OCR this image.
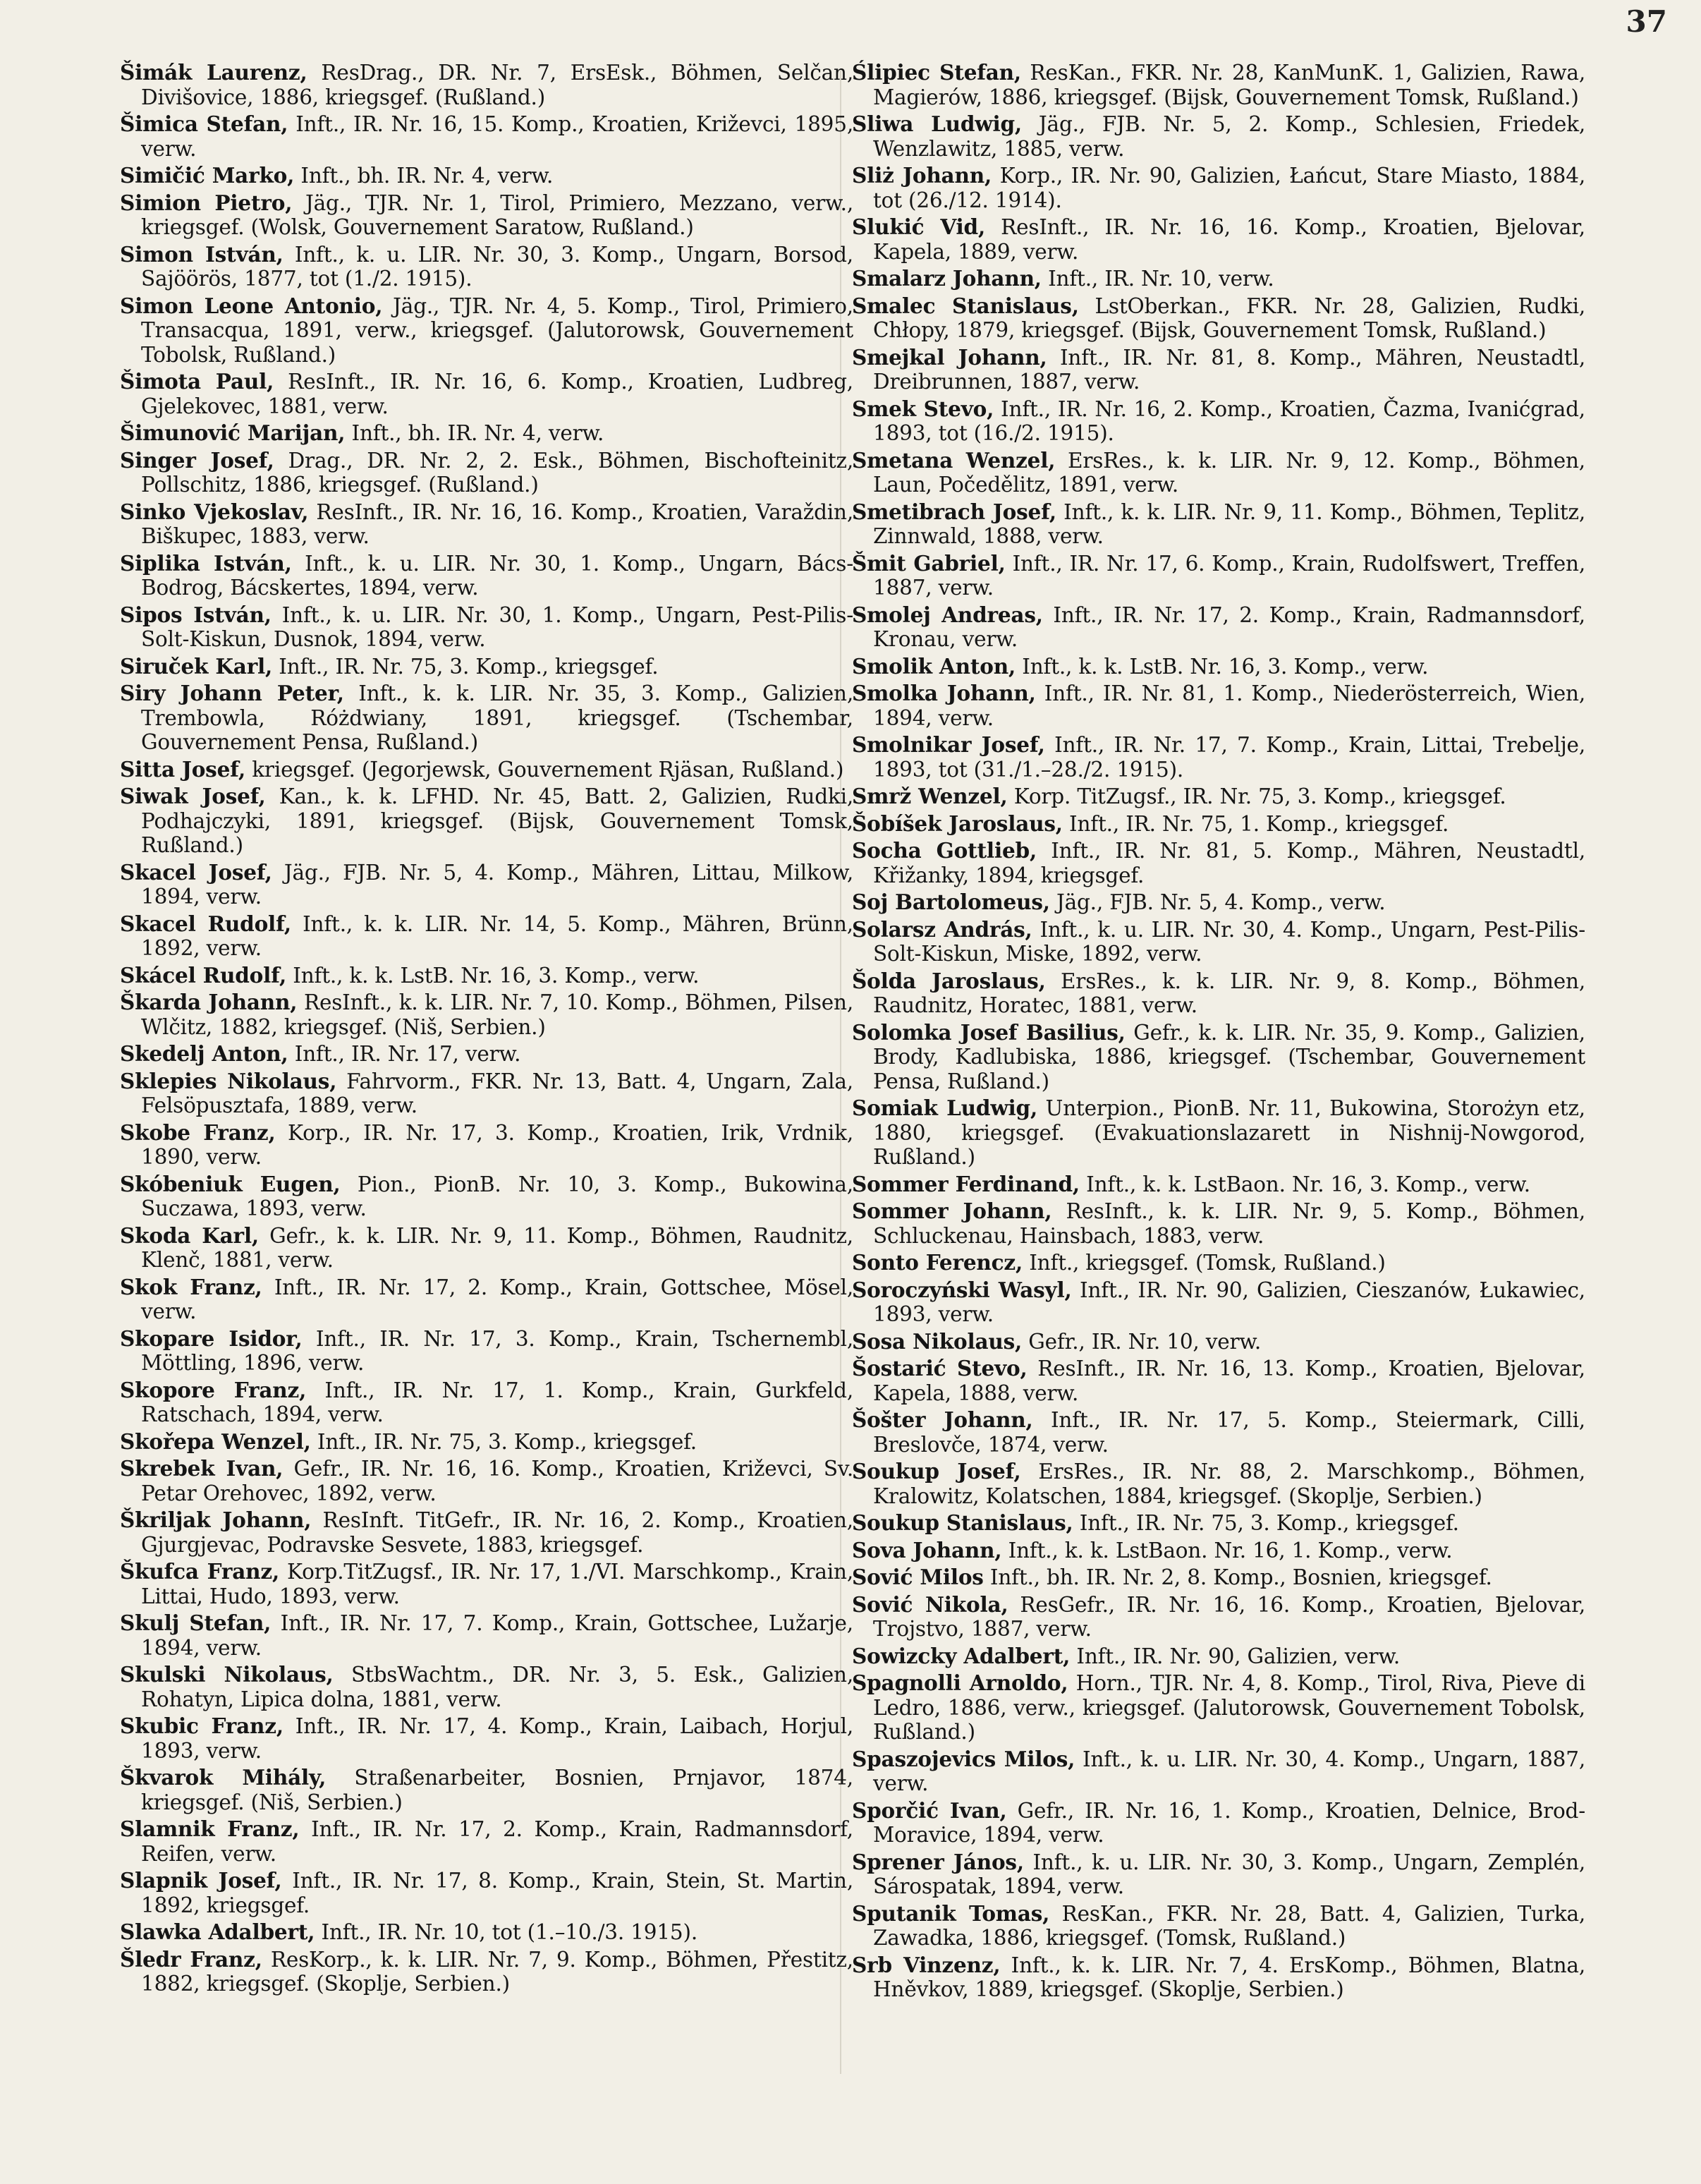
37

Šimák Laurenz, ResDrag., DR. Nr. 7, ErsEsk., Böhmen, Selčan, Divišovice, 1886, kriegsgef. (Rußland.)

Šimica Stefan, Inft., IR. Nr. 16, 15. Komp., Kroatien, Križevci, 1895, verw.

Simičić Marko, Inft., bh. IR. Nr. 4, verw.

Simion Pietro, Jäg., TJR. Nr. 1, Tirol, Primiero, Mezzano, verw., kriegsgef. (Wolsk, Gouvernement Saratow, Rußland.)

Simon István, Inft., k. u. LIR. Nr. 30, 3. Komp., Ungarn, Borsod, Sajöörös, 1877, tot (1./2. 1915).

Simon Leone Antonio, Jäg., TJR. Nr. 4, 5. Komp., Tirol, Primiero, Transacqua, 1891, verw., kriegsgef. (Jalutorowsk, Gouvernement Tobolsk, Rußland.)

Šimota Paul, ResInft., IR. Nr. 16, 6. Komp., Kroatien, Ludbreg, Gjelekovec, 1881, verw.

Šimunović Marijan, Inft., bh. IR. Nr. 4, verw.

Singer Josef, Drag., DR. Nr. 2, 2. Esk., Böhmen, Bischofteinitz, Pollschitz, 1886, kriegsgef. (Rußland.)

Sinko Vjekoslav, ResInft., IR. Nr. 16, 16. Komp., Kroatien, Varaždin, Biškupec, 1883, verw.

Siplika István, Inft., k. u. LIR. Nr. 30, 1. Komp., Ungarn, Bács-Bodrog, Bácskertes, 1894, verw.

Sipos István, Inft., k. u. LIR. Nr. 30, 1. Komp., Ungarn, Pest-Pilis-Solt-Kiskun, Dusnok, 1894, verw.

Siruček Karl, Inft., IR. Nr. 75, 3. Komp., kriegsgef.

Siry Johann Peter, Inft., k. k. LIR. Nr. 35, 3. Komp., Galizien, Trembowla, Różdwiany, 1891, kriegsgef. (Tschembar, Gouvernement Pensa, Rußland.)

Sitta Josef, kriegsgef. (Jegorjewsk, Gouvernement Rjäsan, Rußland.)

Siwak Josef, Kan., k. k. LFHD. Nr. 45, Batt. 2, Galizien, Rudki, Podhajczyki, 1891, kriegsgef. (Bijsk, Gouvernement Tomsk, Rußland.)

Skacel Josef, Jäg., FJB. Nr. 5, 4. Komp., Mähren, Littau, Milkow, 1894, verw.

Skacel Rudolf, Inft., k. k. LIR. Nr. 14, 5. Komp., Mähren, Brünn, 1892, verw.

Skácel Rudolf, Inft., k. k. LstB. Nr. 16, 3. Komp., verw.

Škarda Johann, ResInft., k. k. LIR. Nr. 7, 10. Komp., Böhmen, Pilsen, Wlčitz, 1882, kriegsgef. (Niš, Serbien.)

Skedelj Anton, Inft., IR. Nr. 17, verw.

Sklepies Nikolaus, Fahrvorm., FKR. Nr. 13, Batt. 4, Ungarn, Zala, Felsöpusztafa, 1889, verw.

Skobe Franz, Korp., IR. Nr. 17, 3. Komp., Kroatien, Irik, Vrdnik, 1890, verw.

Skóbeniuk Eugen, Pion., PionB. Nr. 10, 3. Komp., Bukowina, Suczawa, 1893, verw.

Skoda Karl, Gefr., k. k. LIR. Nr. 9, 11. Komp., Böhmen, Raudnitz, Klenč, 1881, verw.

Skok Franz, Inft., IR. Nr. 17, 2. Komp., Krain, Gottschee, Mösel, verw.

Skopare Isidor, Inft., IR. Nr. 17, 3. Komp., Krain, Tschernembl, Möttling, 1896, verw.

Skopore Franz, Inft., IR. Nr. 17, 1. Komp., Krain, Gurkfeld, Ratschach, 1894, verw.

Skořepa Wenzel, Inft., IR. Nr. 75, 3. Komp., kriegsgef.

Skrebek Ivan, Gefr., IR. Nr. 16, 16. Komp., Kroatien, Križevci, Sv. Petar Orehovec, 1892, verw.

Škriljak Johann, ResInft. TitGefr., IR. Nr. 16, 2. Komp., Kroatien, Gjurgjevac, Podravske Sesvete, 1883, kriegsgef.

Škufca Franz, Korp.TitZugsf., IR. Nr. 17, 1./VI. Marschkomp., Krain, Littai, Hudo, 1893, verw.

Skulj Stefan, Inft., IR. Nr. 17, 7. Komp., Krain, Gottschee, Lužarje, 1894, verw.

Skulski Nikolaus, StbsWachtm., DR. Nr. 3, 5. Esk., Galizien, Rohatyn, Lipica dolna, 1881, verw.

Skubic Franz, Inft., IR. Nr. 17, 4. Komp., Krain, Laibach, Horjul, 1893, verw.

Škvarok Mihály, Straßenarbeiter, Bosnien, Prnjavor, 1874, kriegsgef. (Niš, Serbien.)

Slamnik Franz, Inft., IR. Nr. 17, 2. Komp., Krain, Radmannsdorf, Reifen, verw.

Slapnik Josef, Inft., IR. Nr. 17, 8. Komp., Krain, Stein, St. Martin, 1892, kriegsgef.

Slawka Adalbert, Inft., IR. Nr. 10, tot (1.–10./3. 1915).

Šledr Franz, ResKorp., k. k. LIR. Nr. 7, 9. Komp., Böhmen, Přestitz, 1882, kriegsgef. (Skoplje, Serbien.)

Ślipiec Stefan, ResKan., FKR. Nr. 28, KanMunK. 1, Galizien, Rawa, Magierów, 1886, kriegsgef. (Bijsk, Gouvernement Tomsk, Rußland.)

Sliwa Ludwig, Jäg., FJB. Nr. 5, 2. Komp., Schlesien, Friedek, Wenzlawitz, 1885, verw.

Sliż Johann, Korp., IR. Nr. 90, Galizien, Łańcut, Stare Miasto, 1884, tot (26./12. 1914).

Slukić Vid, ResInft., IR. Nr. 16, 16. Komp., Kroatien, Bjelovar, Kapela, 1889, verw.

Smalarz Johann, Inft., IR. Nr. 10, verw.

Smalec Stanislaus, LstOberkan., FKR. Nr. 28, Galizien, Rudki, Chłopy, 1879, kriegsgef. (Bijsk, Gouvernement Tomsk, Rußland.)

Smejkal Johann, Inft., IR. Nr. 81, 8. Komp., Mähren, Neustadtl, Dreibrunnen, 1887, verw.

Smek Stevo, Inft., IR. Nr. 16, 2. Komp., Kroatien, Čazma, Ivanićgrad, 1893, tot (16./2. 1915).

Smetana Wenzel, ErsRes., k. k. LIR. Nr. 9, 12. Komp., Böhmen, Laun, Počedělitz, 1891, verw.

Smetibrach Josef, Inft., k. k. LIR. Nr. 9, 11. Komp., Böhmen, Teplitz, Zinnwald, 1888, verw.

Šmit Gabriel, Inft., IR. Nr. 17, 6. Komp., Krain, Rudolfswert, Treffen, 1887, verw.

Smolej Andreas, Inft., IR. Nr. 17, 2. Komp., Krain, Radmannsdorf, Kronau, verw.

Smolik Anton, Inft., k. k. LstB. Nr. 16, 3. Komp., verw.

Smolka Johann, Inft., IR. Nr. 81, 1. Komp., Niederösterreich, Wien, 1894, verw.

Smolnikar Josef, Inft., IR. Nr. 17, 7. Komp., Krain, Littai, Trebelje, 1893, tot (31./1.–28./2. 1915).

Smrž Wenzel, Korp. TitZugsf., IR. Nr. 75, 3. Komp., kriegsgef.

Šobíšek Jaroslaus, Inft., IR. Nr. 75, 1. Komp., kriegsgef.

Socha Gottlieb, Inft., IR. Nr. 81, 5. Komp., Mähren, Neustadtl, Křižanky, 1894, kriegsgef.

Soj Bartolomeus, Jäg., FJB. Nr. 5, 4. Komp., verw.

Solarsz András, Inft., k. u. LIR. Nr. 30, 4. Komp., Ungarn, Pest-Pilis-Solt-Kiskun, Miske, 1892, verw.

Šolda Jaroslaus, ErsRes., k. k. LIR. Nr. 9, 8. Komp., Böhmen, Raudnitz, Horatec, 1881, verw.

Solomka Josef Basilius, Gefr., k. k. LIR. Nr. 35, 9. Komp., Galizien, Brody, Kadlubiska, 1886, kriegsgef. (Tschembar, Gouvernement Pensa, Rußland.)

Somiak Ludwig, Unterpion., PionB. Nr. 11, Bukowina, Storożyn etz, 1880, kriegsgef. (Evakuationslazarett in Nishnij-Nowgorod, Rußland.)

Sommer Ferdinand, Inft., k. k. LstBaon. Nr. 16, 3. Komp., verw.

Sommer Johann, ResInft., k. k. LIR. Nr. 9, 5. Komp., Böhmen, Schluckenau, Hainsbach, 1883, verw.

Sonto Ferencz, Inft., kriegsgef. (Tomsk, Rußland.)

Soroczyński Wasyl, Inft., IR. Nr. 90, Galizien, Cieszanów, Łukawiec, 1893, verw.

Sosa Nikolaus, Gefr., IR. Nr. 10, verw.

Šostarić Stevo, ResInft., IR. Nr. 16, 13. Komp., Kroatien, Bjelovar, Kapela, 1888, verw.

Šošter Johann, Inft., IR. Nr. 17, 5. Komp., Steiermark, Cilli, Breslovče, 1874, verw.

Soukup Josef, ErsRes., IR. Nr. 88, 2. Marschkomp., Böhmen, Kralowitz, Kolatschen, 1884, kriegsgef. (Skoplje, Serbien.)

Soukup Stanislaus, Inft., IR. Nr. 75, 3. Komp., kriegsgef.

Sova Johann, Inft., k. k. LstBaon. Nr. 16, 1. Komp., verw.

Sović Milos Inft., bh. IR. Nr. 2, 8. Komp., Bosnien, kriegsgef.

Sović Nikola, ResGefr., IR. Nr. 16, 16. Komp., Kroatien, Bjelovar, Trojstvo, 1887, verw.

Sowizcky Adalbert, Inft., IR. Nr. 90, Galizien, verw.

Spagnolli Arnoldo, Horn., TJR. Nr. 4, 8. Komp., Tirol, Riva, Pieve di Ledro, 1886, verw., kriegsgef. (Jalutorowsk, Gouvernement Tobolsk, Rußland.)

Spaszojevics Milos, Inft., k. u. LIR. Nr. 30, 4. Komp., Ungarn, 1887, verw.

Sporčić Ivan, Gefr., IR. Nr. 16, 1. Komp., Kroatien, Delnice, Brod-Moravice, 1894, verw.

Sprener János, Inft., k. u. LIR. Nr. 30, 3. Komp., Ungarn, Zemplén, Sárospatak, 1894, verw.

Sputanik Tomas, ResKan., FKR. Nr. 28, Batt. 4, Galizien, Turka, Zawadka, 1886, kriegsgef. (Tomsk, Rußland.)

Srb Vinzenz, Inft., k. k. LIR. Nr. 7, 4. ErsKomp., Böhmen, Blatna, Hněvkov, 1889, kriegsgef. (Skoplje, Serbien.)
